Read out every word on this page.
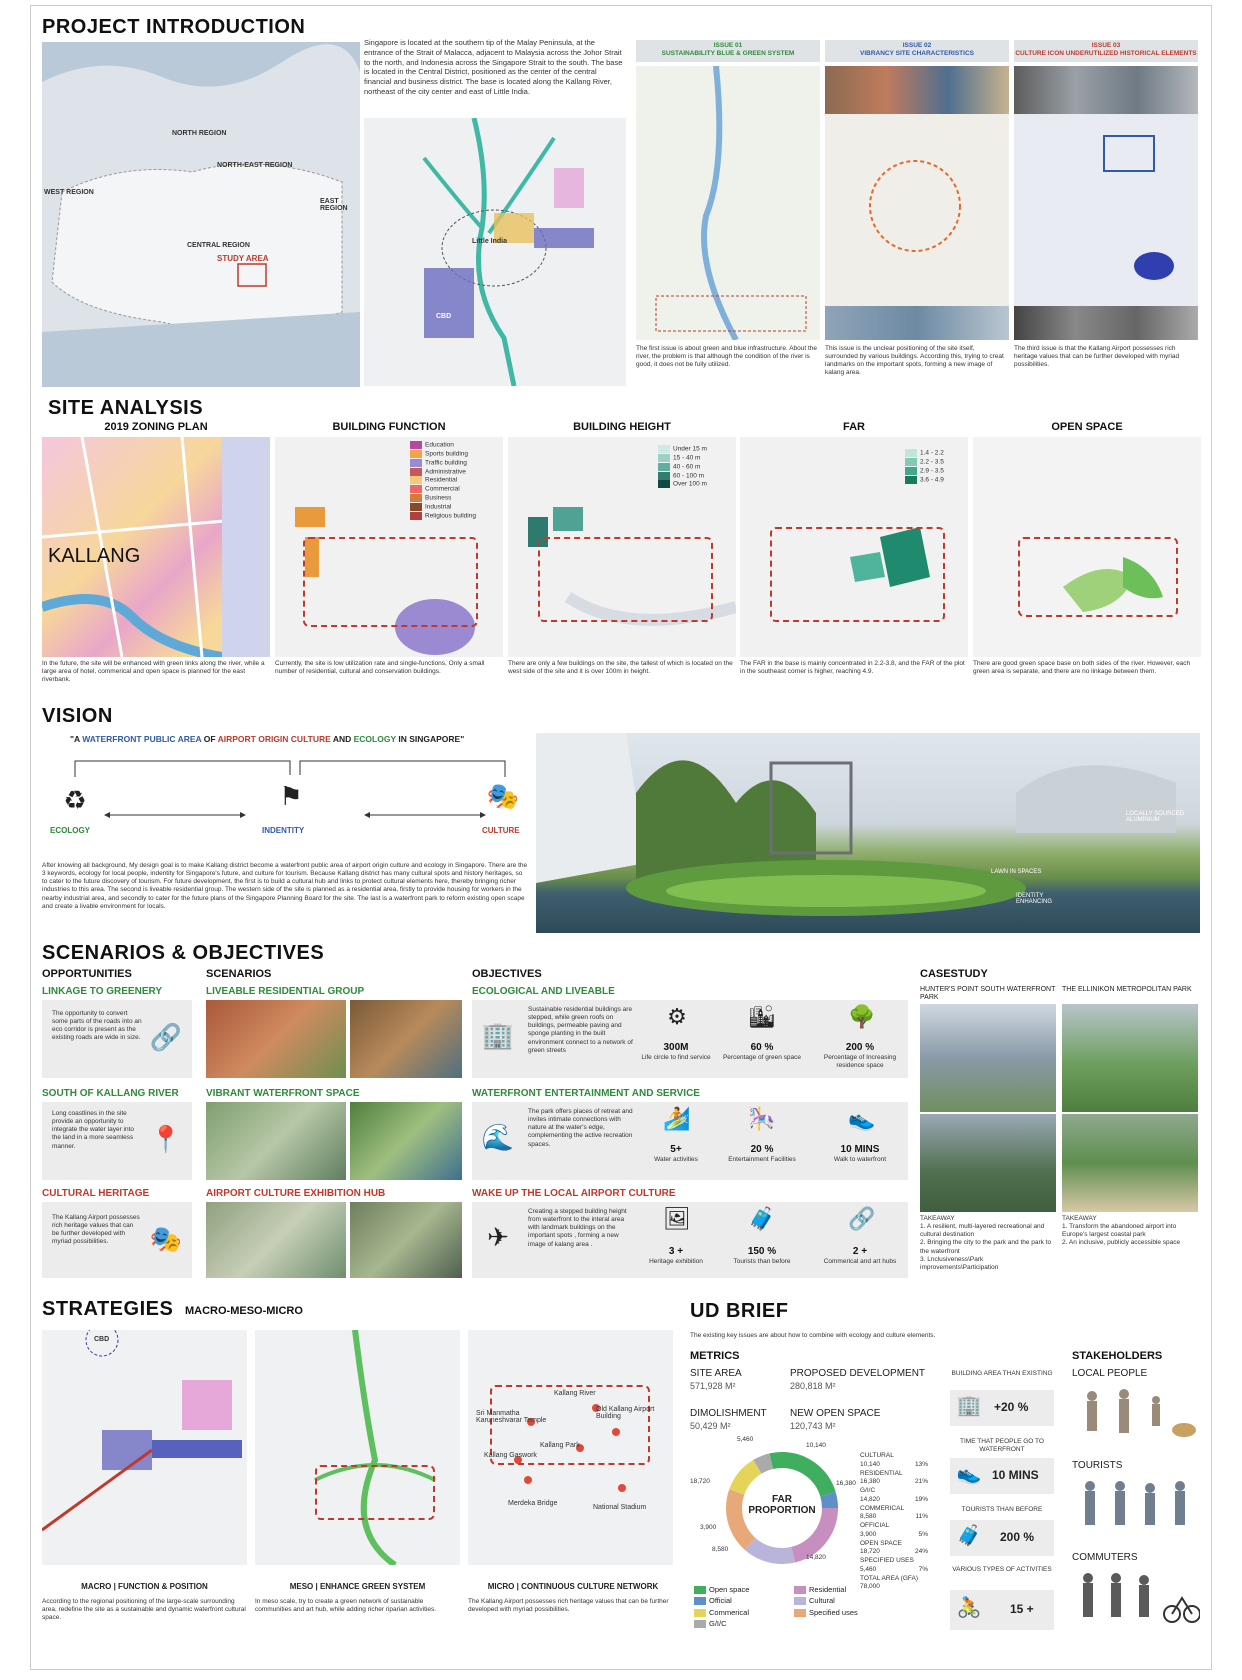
PROJECT INTRODUCTION
NORTH REGION
NORTH-EAST REGION
WEST REGION
EAST REGION
CENTRAL REGION
STUDY AREA
Singapore is located at the southern tip of the Malay Peninsula, at the entrance of the Strait of Malacca, adjacent to Malaysia across the Johor Strait to the north, and Indonesia across the Singapore Strait to the south. The base is located in the Central District, positioned as the center of the central financial and business district. The base is located along the Kallang River, northeast of the city center and east of Little India.
Little India
CBD
ISSUE 01
SUSTAINABILITY BLUE & GREEN SYSTEM
ISSUE 02
VIBRANCY SITE CHARACTERISTICS
ISSUE 03
CULTURE ICON UNDERUTILIZED HISTORICAL ELEMENTS
The first issue is about green and blue infrastructure. About the river, the problem is that although the condition of the river is good, it does not be fully utilized.
This issue is the unclear positioning of the site itself, surrounded by various buildings. According this, trying to creat landmarks on the important spots, forming a new image of kalang area.
The third issue is that the Kallang Airport possesses rich heritage values that can be further developed with myriad possibilities.
SITE ANALYSIS
2019 ZONING PLAN	BUILDING FUNCTION	BUILDING HEIGHT	FAR	OPEN SPACE
KALLANG
Education
Sports building
Traffic building
Administrative
Residential
Commercial
Business
Industrial
Religious building
Under 15 m
15 - 40 m
40 - 60 m
60 - 100 m
Over 100 m
1.4 - 2.2
2.2 - 3.5
2.9 - 3.5
3.6 - 4.9
In the future, the site will be enhanced with green links along the river, while a large area of hotel, commerical and open space is planned for the east riverbank.
Currently, the site is low utilization rate and single-functions, Only a small number of residential, cultural and conservation buildings.
There are only a few buildings on the site, the tallest of which is located on the west side of the site and it is over 100m in height.
The FAR in the base is mainly concentrated in 2.2-3.8, and the FAR of the plot in the southeast corner is higher, reaching 4.9.
There are good green space base on both sides of the river. However, each green area is separate, and there are no linkage between them.
VISION
"A WATERFRONT PUBLIC AREA OF AIRPORT ORIGIN CULTURE AND ECOLOGY IN SINGAPORE"
♻	⚑	🎭
ECOLOGY	INDENTITY	CULTURE
After knowing all background, My design goal is to make Kallang district become a waterfront public area of airport origin culture and ecology in Singapore. There are the 3 keywords, ecology for local people, indentity for Singapore's future, and culture for tourism. Because Kallang district has many cultural spots and history heritages, so to cater to the future discovery of tourism. For future development, the first is to build a cultural hub and links to protect cultural elements here, thereby bringing richer industries to this area. The second is liveable residential group. The western side of the site is planned as a residential area, firstly to provide housing for workers in the nearby industrial area, and secondly to cater for the future plans of the Singapore Planning Board for the site. The last is a waterfront park to reform existing open scape and create a livable environment for locals.
LOCALLY SOURCED ALUMINIUM
LAWN IN SPACES
IDENTITY ENHANCING
SCENARIOS & OBJECTIVES
OPPORTUNITIES	SCENARIOS	OBJECTIVES	CASESTUDY
LINKAGE TO GREENERY
The opportunity to convert some parts of the roads into an eco corridor is present as the existing roads are wide in size. 🔗
LIVEABLE RESIDENTIAL GROUP	ECOLOGICAL AND LIVEABLE
🏢
Sustainable residential buildings are stepped, while green roofs on buildings, permeable paving and sponge planting in the built environment connect to a network of green streets
⚙
300M
Life circle to find service
🏙
60 %
Percentage of green space
🌳
200 %
Percentage of Increasing residence space
SOUTH OF KALLANG RIVER
Long coastlines in the site provide an opportunity to integrate the water layer into the land in a more seamless manner.	📍
VIBRANT WATERFRONT SPACE	WATERFRONT ENTERTAINMENT AND SERVICE
🌊
The park offers places of retreat and invites intimate connections with nature at the water's edge, complementing the active recreation spaces.
🏄
5+
Water activities
🎠
20 %
Entertainment Facilities
👟
10 MINS
Walk to waterfront
CULTURAL HERITAGE
The Kallang Airport possesses rich heritage values that can be further developed with myriad possibilities.	🎭
AIRPORT CULTURE EXHIBITION HUB	WAKE UP THE LOCAL AIRPORT CULTURE
✈
Creating a stepped building height from waterfront to the interal area with landmark buildings on the important spots , forming a new image of kalang area .
🖼
3 +
Heritage exhibition
🧳
150 %
Tourists than before
🔗
2 +
Commerical and art hubs
HUNTER'S POINT SOUTH WATERFRONT PARK
THE ELLINIKON METROPOLITAN PARK
TAKEAWAY
1. A resilient, multi-layered recreational and cultural destination
2. Bringing the city to the park and the park to the waterfront
3. Lnclusiveness\Park improvements\Participation
TAKEAWAY
1. Transform the abandoned airport into Europe's largest coastal park
2. An inclusive, publicly accessible space
STRATEGIES MACRO-MESO-MICRO
CBD
Kallang River
Sri Manmatha Karuneshvarar Temple
Old Kallang Airport Building
Kallang Park
Kallang Gaswork
Merdeka Bridge
National Stadium
MACRO | FUNCTION & POSITION	MESO | ENHANCE GREEN SYSTEM	MICRO | CONTINUOUS CULTURE NETWORK
According to the regional positioning of the large-scale surrounding area, redefine the site as a sustainable and dynamic waterfront cultural space.
In meso scale, try to create a green network of sustainable communities and art hub, while adding richer riparian activities.
The Kallang Airport possesses rich heritage values that can be further developed with myriad possibilities.
UD BRIEF
The existing key issues are about how to combine with ecology and culture elements.
METRICS
SITE AREA
571,928 M²
PROPOSED DEVELOPMENT
280,818 M²
DIMOLISHMENT
50,429 M²
NEW OPEN SPACE
120,743 M²
FAR PROPORTION
5,460
10,140
16,380
14,820
3,900
8,580
18,720
CULTURAL
10,140	13%
RESIDENTIAL
16,380	21%
G/I/C
14,820	19%
COMMERICAL
8,580	11%
OFFICIAL
3,900	5%
OPEN SPACE
18,720	24%
SPECIFIED USES
5,460	7%
TOTAL AREA (GFA)
78,000
Open space	Residential
Official	Cultural
Commerical	Specified uses
G/I/C
BUILDING AREA THAN EXISTING
🏢 +20 %
TIME THAT PEOPLE GO TO WATERFRONT
👟 10 MINS
TOURISTS THAN BEFORE
🧳 200 %
VARIOUS TYPES OF ACTIVITIES
🚴 15 +
STAKEHOLDERS
LOCAL PEOPLE
TOURISTS
COMMUTERS
